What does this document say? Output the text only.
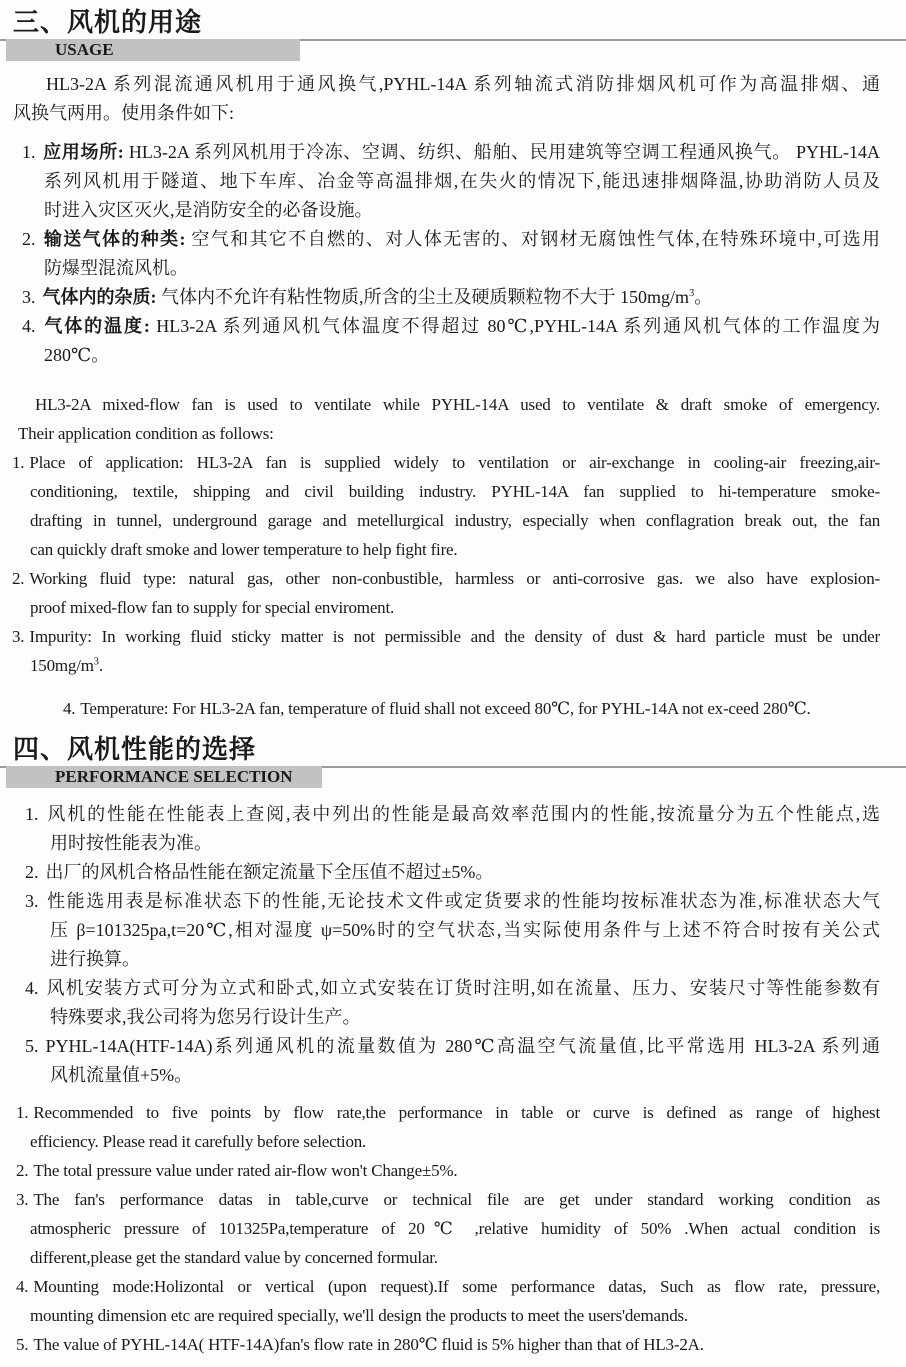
三、风机的用途
USAGE
HL3-2A 系列混流通风机用于通风换气,PYHL-14A 系列轴流式消防排烟风机可作为高温排烟、通
风换气两用。使用条件如下:
1. 应用场所: HL3-2A 系列风机用于冷冻、空调、纺织、船舶、民用建筑等空调工程通风换气。 PYHL-14A
系列风机用于隧道、地下车库、冶金等高温排烟,在失火的情况下,能迅速排烟降温,协助消防人员及
时进入灾区灭火,是消防安全的必备设施。
2. 输送气体的种类: 空气和其它不自燃的、对人体无害的、对钢材无腐蚀性气体,在特殊环境中,可选用
防爆型混流风机。
3. 气体内的杂质: 气体内不允许有粘性物质,所含的尘土及硬质颗粒物不大于 $150mg/m^3$。
4. 气体的温度: HL3-2A 系列通风机气体温度不得超过 80℃,PYHL-14A 系列通风机气体的工作温度为
280℃。
HL3-2A mixed-flow fan is used to ventilate while PYHL-14A used to ventilate & draft smoke of emergency.
Their application condition as follows:
1. Place of application: HL3-2A fan is supplied widely to ventilation or air-exchange in cooling-air freezing,air-
conditioning, textile, shipping and civil building industry. PYHL-14A fan supplied to hi-temperature smoke-
drafting in tunnel, underground garage and metellurgical industry, especially when conflagration break out, the fan
can quickly draft smoke and lower temperature to help fight fire.
2. Working fluid type: natural gas, other non-conbustible, harmless or anti-corrosive gas. we also have explosion-
proof mixed-flow fan to supply for special enviroment.
3. Impurity: In working fluid sticky matter is not permissible and the density of dust & hard particle must be under
$150mg/m^3$.
4. Temperature: For HL3-2A fan, temperature of fluid shall not exceed 80℃, for PYHL-14A not ex-ceed 280℃.
四、风机性能的选择
PERFORMANCE SELECTION
1. 风机的性能在性能表上查阅,表中列出的性能是最高效率范围内的性能,按流量分为五个性能点,选
用时按性能表为准。
2. 出厂的风机合格品性能在额定流量下全压值不超过±5%。
3. 性能选用表是标准状态下的性能,无论技术文件或定货要求的性能均按标准状态为准,标准状态大气
压 β=101325pa,t=20℃,相对湿度 ψ=50%时的空气状态,当实际使用条件与上述不符合时按有关公式
进行换算。
4. 风机安装方式可分为立式和卧式,如立式安装在订货时注明,如在流量、压力、安装尺寸等性能参数有
特殊要求,我公司将为您另行设计生产。
5. PYHL-14A(HTF-14A)系列通风机的流量数值为 280℃高温空气流量值,比平常选用 HL3-2A 系列通
风机流量值+5%。
1. Recommended to five points by flow rate,the performance in table or curve is defined as range of highest
efficiency. Please read it carefully before selection.
2. The total pressure value under rated air-flow won't Change±5%.
3. The fan's performance datas in table,curve or technical file are get under standard working condition as
atmospheric pressure of 101325Pa,temperature of 20℃ ,relative humidity of 50% .When actual condition is
different,please get the standard value by concerned formular.
4. Mounting mode:Holizontal or vertical (upon request).If some performance datas, Such as flow rate, pressure,
mounting dimension etc are required specially, we'll design the products to meet the users'demands.
5. The value of PYHL-14A( HTF-14A)fan's flow rate in 280℃ fluid is 5% higher than that of HL3-2A.
